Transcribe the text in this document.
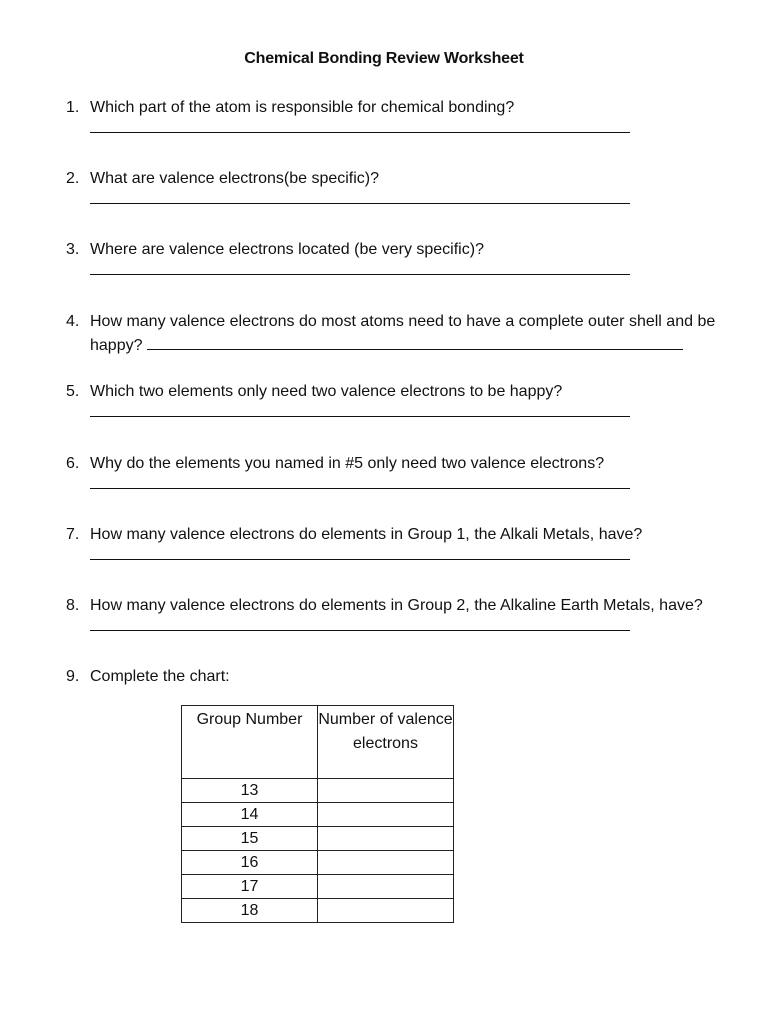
Chemical Bonding Review Worksheet
1. Which part of the atom is responsible for chemical bonding?
2. What are valence electrons(be specific)?
3. Where are valence electrons located (be very specific)?
4. How many valence electrons do most atoms need to have a complete outer shell and be happy?
5. Which two elements only need two valence electrons to be happy?
6. Why do the elements you named in #5 only need two valence electrons?
7. How many valence electrons do elements in Group 1, the Alkali Metals, have?
8. How many valence electrons do elements in Group 2, the Alkaline Earth Metals, have?
9. Complete the chart:
Group Number	Number of valence electrons
13	
14	
15	
16	
17	
18	
